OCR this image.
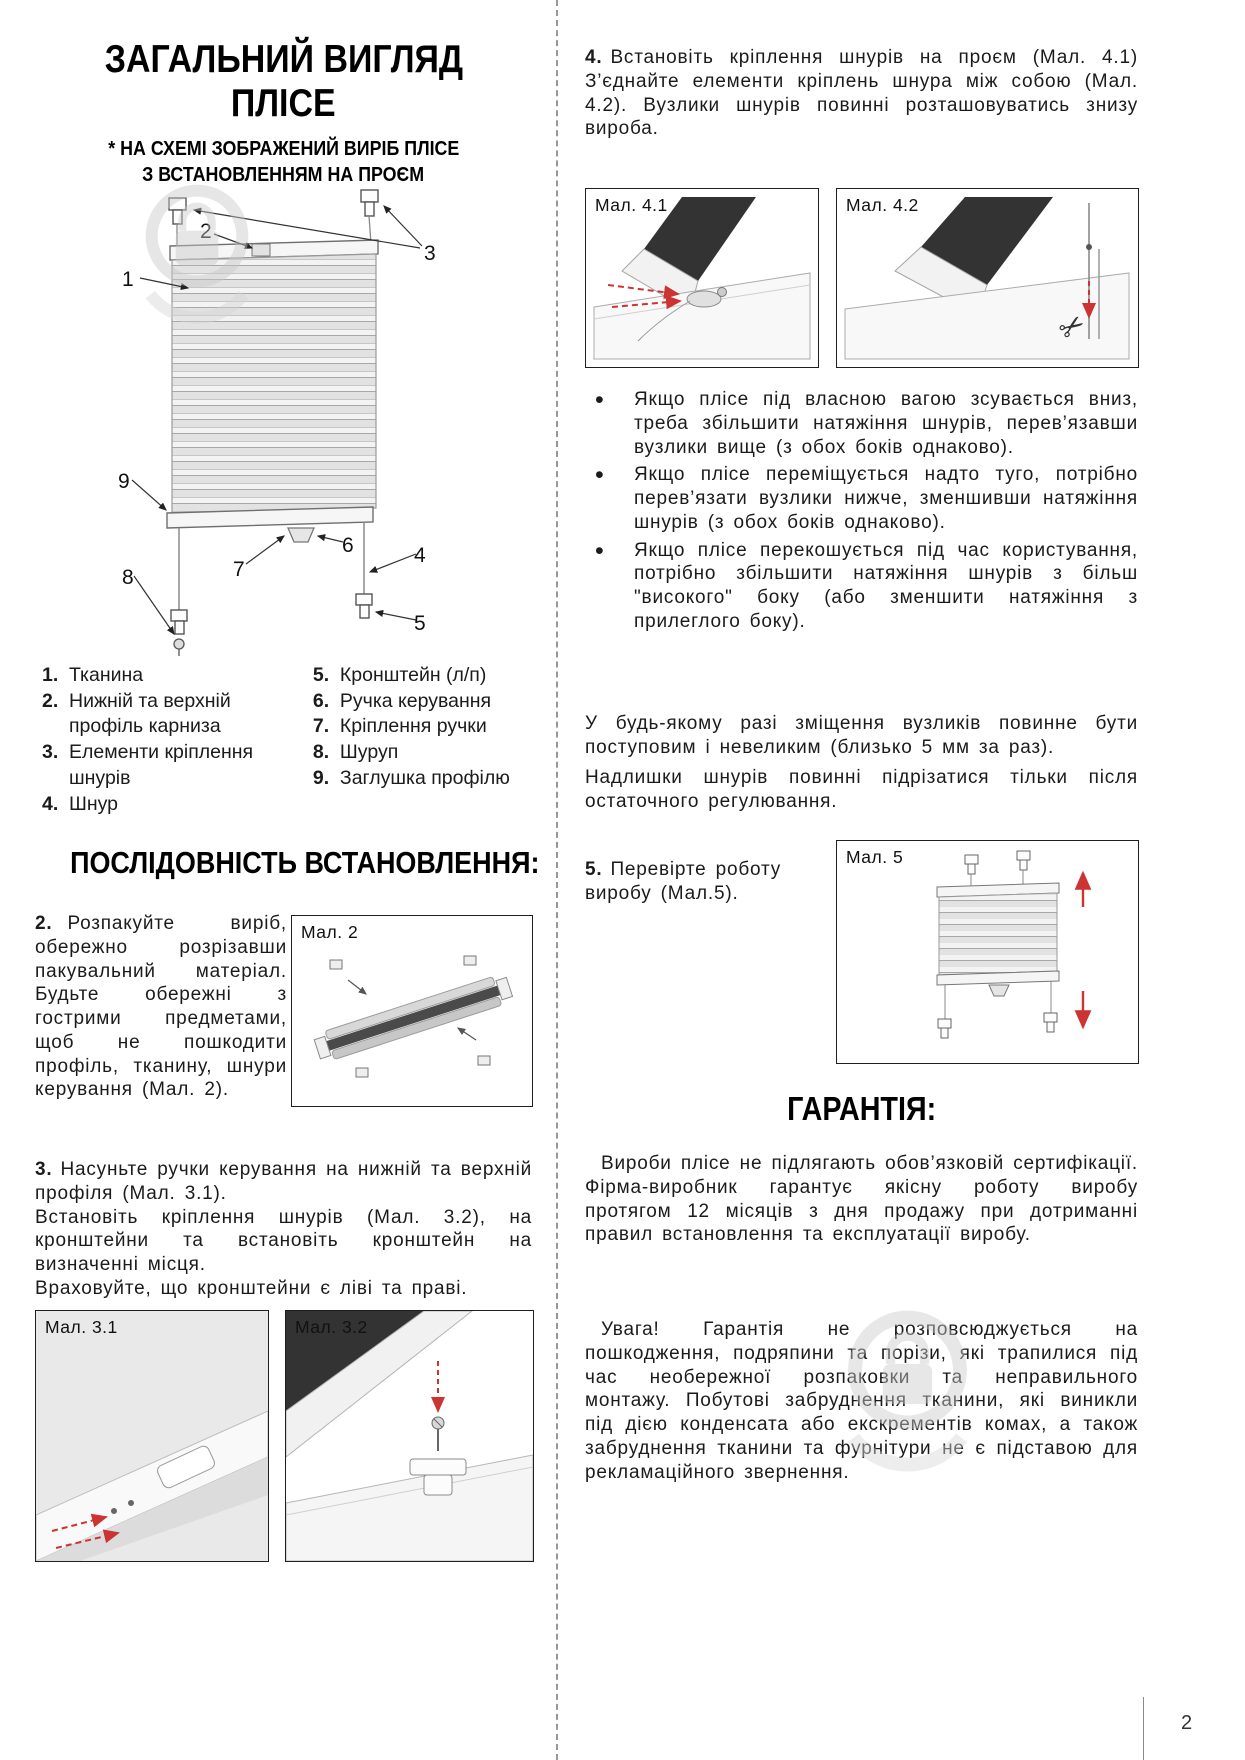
ЗАГАЛЬНИЙ ВИГЛЯД
ПЛІСЕ
* НА СХЕМІ ЗОБРАЖЕНИЙ ВИРІБ ПЛІСЕ
З ВСТАНОВЛЕННЯМ НА ПРОЄМ
1
2
3
4
5
6
7
8
9
1. Тканина
2. Нижній та верхній профіль карниза
3. Елементи кріплення шнурів
4. Шнур
5. Кронштейн (л/п)
6. Ручка керування
7. Кріплення ручки
8. Шуруп
9. Заглушка профілю
ПОСЛІДОВНІСТЬ ВСТАНОВЛЕННЯ:

2. Розпакуйте виріб, обережно розрізавши пакувальний матеріал. Будьте обережні з гострими предметами, щоб не пошкодити профіль, тканину, шнури керування (Мал. 2).

Мал. 2

3. Насуньте ручки керування на нижній та верхній профіля (Мал. 3.1).

Встановіть кріплення шнурів (Мал. 3.2), на кронштейни та встановіть кронштейн на визначенні місця.

Враховуйте, що кронштейни є ліві та праві.

Мал. 3.1	Мал. 3.2

4. Встановіть кріплення шнурів на проєм (Мал. 4.1) З’єднайте елементи кріплень шнура між собою (Мал. 4.2). Вузлики шнурів повинні розташовуватись знизу вироба.

Мал. 4.1
✂
Мал. 4.2
• Якщо плісе під власною вагою зсувається вниз, треба збільшити натяжіння шнурів, перев’язавши вузлики вище (з обох боків однаково).
• Якщо плісе переміщується надто туго, потрібно перев’язати вузлики нижче, зменшивши натяжіння шнурів (з обох боків однаково).
• Якщо плісе перекошується під час користування, потрібно збільшити натяжіння шнурів з більш "високого" боку (або зменшити натяжіння з прилеглого боку).

У будь-якому разі зміщення вузликів повинне бути поступовим і невеликим (близько 5 мм за раз).

Надлишки шнурів повинні підрізатися тільки після остаточного регулювання.

5. Перевірте роботу виробу (Мал.5).

Мал. 5
ГАРАНТІЯ:

Вироби плісе не підлягають обов’язковій сертифікації. Фірма-виробник гарантує якісну роботу виробу протягом 12 місяців з дня продажу при дотриманні правил встановлення та експлуатації виробу.

Увага! Гарантія не розповсюджується на пошкодження, подряпини та порізи, які трапилися під час необережної розпаковки та неправильного монтажу. Побутові забруднення тканини, які виникли під дією конденсата або екскрементів комах, а також забруднення тканини та фурнітури не є підставою для рекламаційного звернення.

2
